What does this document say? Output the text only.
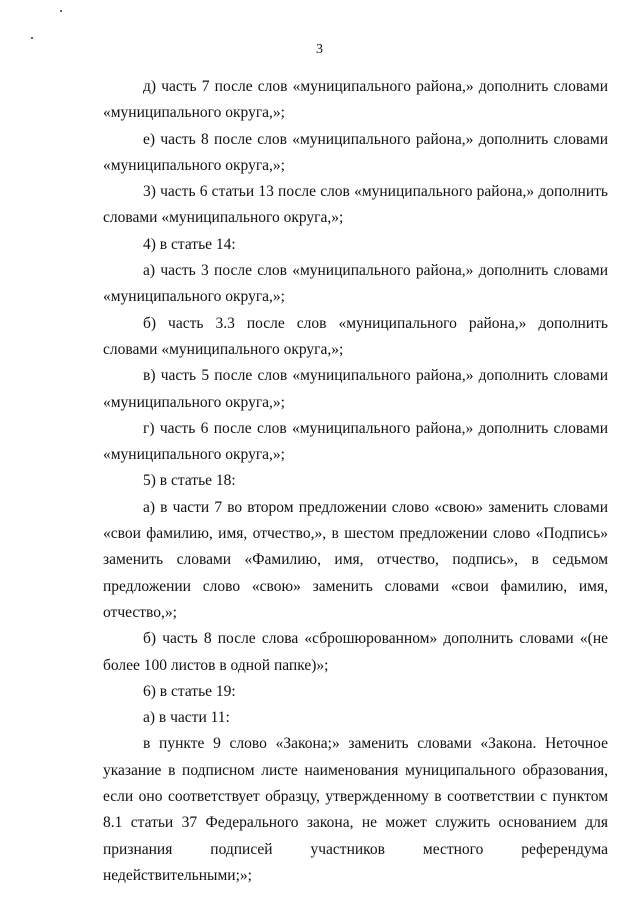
3

д) часть 7 после слов «муниципального района,» дополнить словами «муниципального округа,»;

е) часть 8 после слов «муниципального района,» дополнить словами «муниципального округа,»;

3) часть 6 статьи 13 после слов «муниципального района,» дополнить словами «муниципального округа,»;

4) в статье 14:

а) часть 3 после слов «муниципального района,» дополнить словами «муниципального округа,»;

б) часть 3.3 после слов «муниципального района,» дополнить словами «муниципального округа,»;

в) часть 5 после слов «муниципального района,» дополнить словами «муниципального округа,»;

г) часть 6 после слов «муниципального района,» дополнить словами «муниципального округа,»;

5) в статье 18:

а) в части 7 во втором предложении слово «свою» заменить словами «свои фамилию, имя, отчество,», в шестом предложении слово «Подпись» заменить словами «Фамилию, имя, отчество, подпись», в седьмом предложении слово «свою» заменить словами «свои фамилию, имя, отчество,»;

б) часть 8 после слова «сброшюрованном» дополнить словами «(не более 100 листов в одной папке)»;

6) в статье 19:

а) в части 11:

в пункте 9 слово «Закона;» заменить словами «Закона. Неточное указание в подписном листе наименования муниципального образования, если оно соответствует образцу, утвержденному в соответствии с пунктом 8.1 статьи 37 Федерального закона, не может служить основанием для признания подписей участников местного референдума недействительными;»;
